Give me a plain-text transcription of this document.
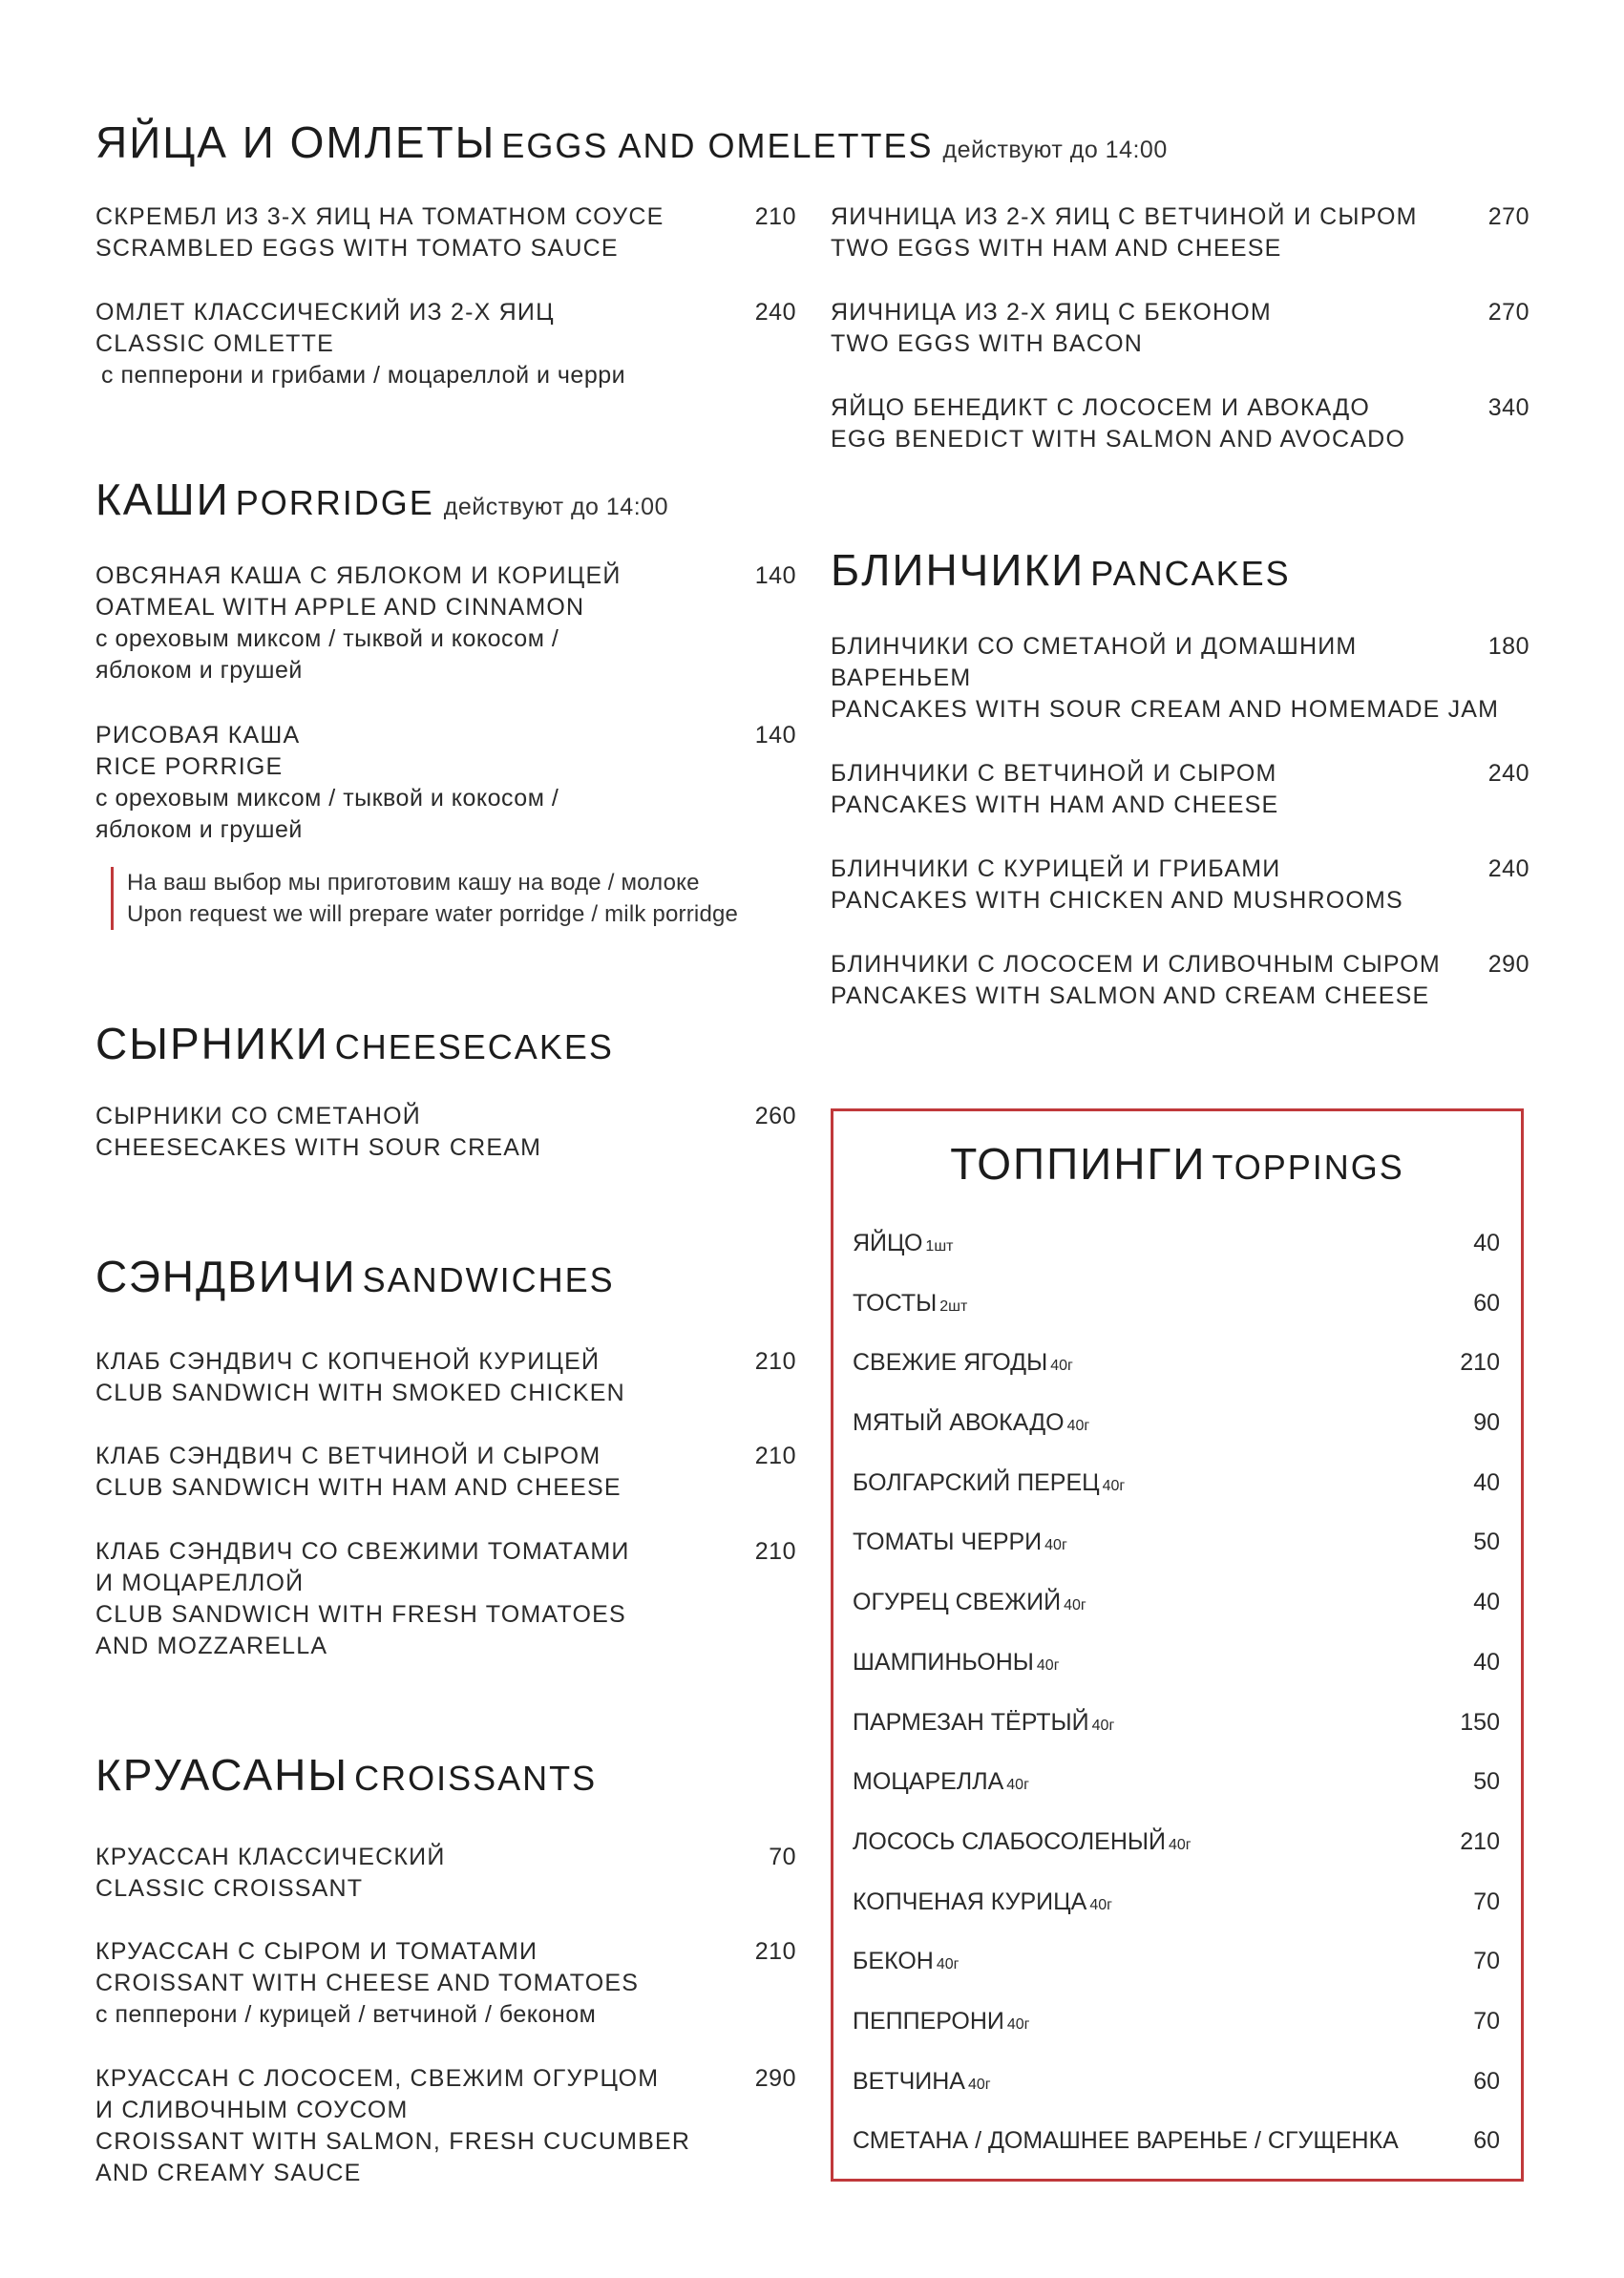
ЯЙЦА И ОМЛЕТЫ EGGS AND OMELETTES действуют до 14:00
СКРЕМБЛ ИЗ 3-Х ЯИЦ НА ТОМАТНОМ СОУСЕ
SCRAMBLED EGGS WITH TOMATO SAUCE
210
ОМЛЕТ КЛАССИЧЕСКИЙ ИЗ 2-Х ЯИЦ
CLASSIC OMLETTE
с пепперони и грибами / моцареллой и черри
240
КАШИ PORRIDGE действуют до 14:00
ОВСЯНАЯ КАША С ЯБЛОКОМ И КОРИЦЕЙ
OATMEAL WITH APPLE AND CINNAMON
с ореховым миксом / тыквой и кокосом /
яблоком и грушей
140
РИСОВАЯ КАША
RICE PORRIGE
с ореховым миксом / тыквой и кокосом /
яблоком и грушей
140
На ваш выбор мы приготовим кашу на воде / молоке
Upon request we will prepare water porridge / milk porridge
СЫРНИКИ CHEESECAKES
СЫРНИКИ СО СМЕТАНОЙ
CHEESECAKES WITH SOUR CREAM
260
СЭНДВИЧИ SANDWICHES
КЛАБ СЭНДВИЧ С КОПЧЕНОЙ КУРИЦЕЙ
CLUB SANDWICH WITH SMOKED CHICKEN
210
КЛАБ СЭНДВИЧ С ВЕТЧИНОЙ И СЫРОМ
CLUB SANDWICH WITH HAM AND CHEESE
210
КЛАБ СЭНДВИЧ СО СВЕЖИМИ ТОМАТАМИ
И МОЦАРЕЛЛОЙ
CLUB SANDWICH WITH FRESH TOMATOES
AND MOZZARELLA
210
КРУАСАНЫ CROISSANTS
КРУАССАН КЛАССИЧЕСКИЙ
CLASSIC CROISSANT
70
КРУАССАН С СЫРОМ И ТОМАТАМИ
CROISSANT WITH CHEESE AND TOMATOES
с пепперони / курицей / ветчиной / беконом
210
КРУАССАН С ЛОСОСЕМ, СВЕЖИМ ОГУРЦОМ
И СЛИВОЧНЫМ СОУСОМ
CROISSANT WITH SALMON, FRESH CUCUMBER
AND CREAMY SAUCE
290
ЯИЧНИЦА ИЗ 2-Х ЯИЦ С ВЕТЧИНОЙ И СЫРОМ
TWO EGGS WITH HAM AND CHEESE
270
ЯИЧНИЦА ИЗ 2-Х ЯИЦ С БЕКОНОМ
TWO EGGS WITH BACON
270
ЯЙЦО БЕНЕДИКТ С ЛОСОСЕМ И АВОКАДО
EGG BENEDICT WITH SALMON AND AVOCADO
340
БЛИНЧИКИ PANCAKES
БЛИНЧИКИ СО СМЕТАНОЙ И ДОМАШНИМ
ВАРЕНЬЕМ
PANCAKES WITH SOUR CREAM AND HOMEMADE JAM
180
БЛИНЧИКИ С ВЕТЧИНОЙ И СЫРОМ
PANCAKES WITH HAM AND CHEESE
240
БЛИНЧИКИ С КУРИЦЕЙ И ГРИБАМИ
PANCAKES WITH CHICKEN AND MUSHROOMS
240
БЛИНЧИКИ С ЛОСОСЕМ И СЛИВОЧНЫМ СЫРОМ
PANCAKES WITH SALMON AND CREAM CHEESE
290
ТОППИНГИ TOPPINGS
ЯЙЦО 1шт	40
ТОСТЫ 2шт	60
СВЕЖИЕ ЯГОДЫ 40г	210
МЯТЫЙ АВОКАДО 40г	90
БОЛГАРСКИЙ ПЕРЕЦ 40г	40
ТОМАТЫ ЧЕРРИ 40г	50
ОГУРЕЦ СВЕЖИЙ 40г	40
ШАМПИНЬОНЫ 40г	40
ПАРМЕЗАН ТЁРТЫЙ 40г	150
МОЦАРЕЛЛА 40г	50
ЛОСОСЬ СЛАБОСОЛЕНЫЙ 40г	210
КОПЧЕНАЯ КУРИЦА 40г	70
БЕКОН 40г	70
ПЕППЕРОНИ 40г	70
ВЕТЧИНА 40г	60
СМЕТАНА / ДОМАШНЕЕ ВАРЕНЬЕ / СГУЩЕНКА	60
